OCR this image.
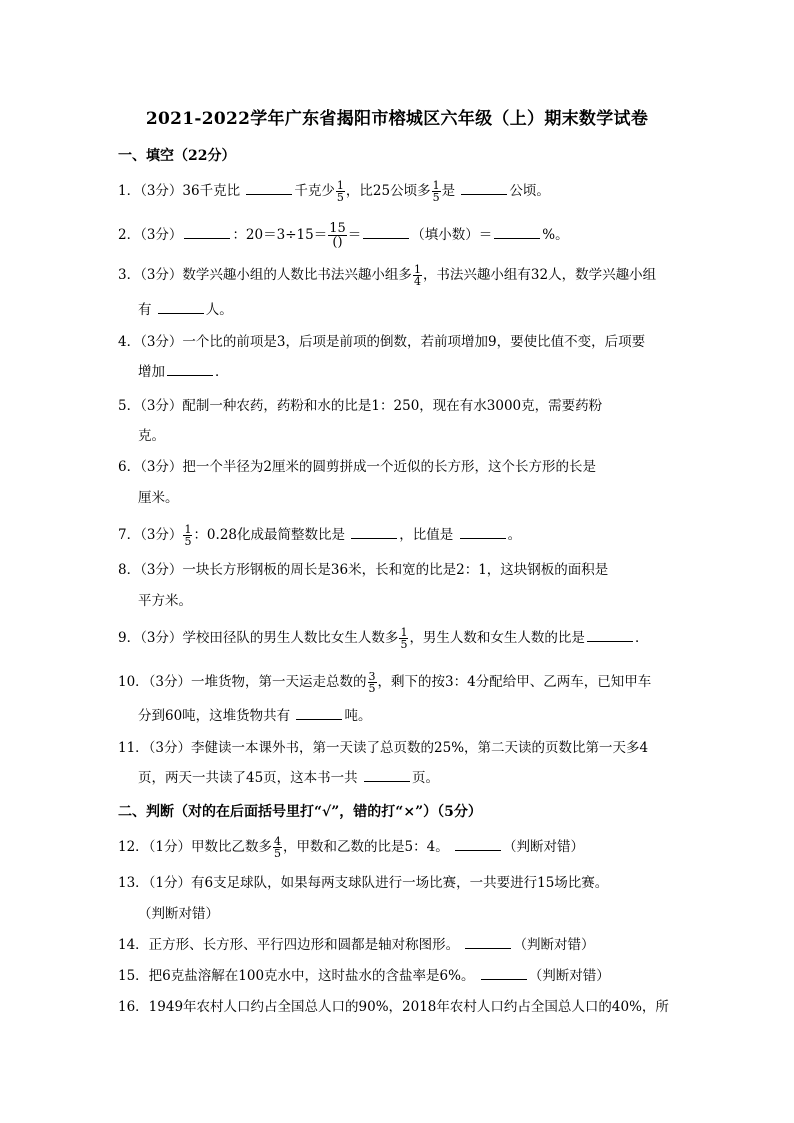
2021-2022学年广东省揭阳市榕城区六年级（上）期末数学试卷
一、填空（22分）
1．（3分）36千克比	千克少 $\frac{1}{5}$ ，比25公顷多 $\frac{1}{5}$ 是	公顷。
2．（3分）	：$20=3\div 15= \frac{15}{()}$ ＝	（填小数）＝	%。
3．（3分）数学兴趣小组的人数比书法兴趣小组多 $\frac{1}{4}$ ，书法兴趣小组有32人，数学兴趣小组
有	人。
4．（3分）一个比的前项是3，后项是前项的倒数，若前项增加9，要使比值不变，后项要
增加	．
5．（3分）配制一种农药，药粉和水的比是1：250，现在有水3000克，需要药粉
克。
6．（3分）把一个半径为2厘米的圆剪拼成一个近似的长方形，这个长方形的长是
厘米。
7．（3分） $\frac{1}{5}$ ：0.28化成最简整数比是	，比值是	。
8．（3分）一块长方形钢板的周长是36米，长和宽的比是2：1，这块钢板的面积是
平方米。
9．（3分）学校田径队的男生人数比女生人数多 $\frac{1}{5}$ ，男生人数和女生人数的比是	．
10．（3分）一堆货物，第一天运走总数的 $\frac{3}{5}$ ，剩下的按3：4分配给甲、乙两车，已知甲车
分到60吨，这堆货物共有	吨。
11．（3分）李健读一本课外书，第一天读了总页数的25%，第二天读的页数比第一天多4
页，两天一共读了45页，这本书一共	页。
二、判断（对的在后面括号里打“√”，错的打“×”）（5分）
12．（1分）甲数比乙数多 $\frac{4}{5}$ ，甲数和乙数的比是5：4。	（判断对错）
13．（1分）有6支足球队，如果每两支球队进行一场比赛，一共要进行15场比赛。
（判断对错）
14．正方形、长方形、平行四边形和圆都是轴对称图形。	（判断对错）
15．把6克盐溶解在100克水中，这时盐水的含盐率是6%。	（判断对错）
16．1949年农村人口约占全国总人口的90%，2018年农村人口约占全国总人口的40%，所
